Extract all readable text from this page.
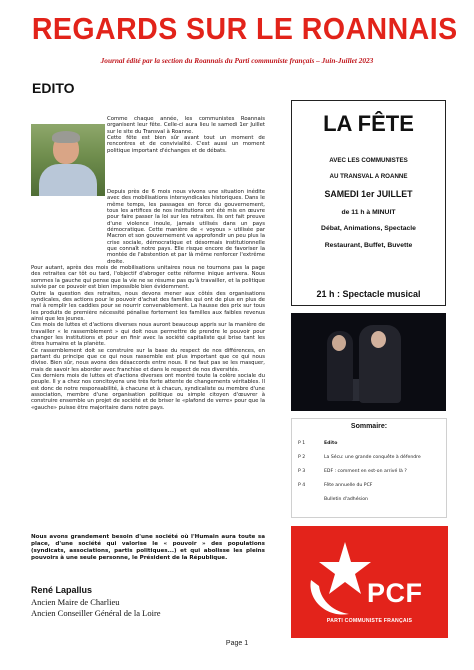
REGARDS SUR LE ROANNAIS
Journal édité par la section du Roannais du Parti communiste français – Juin-Juillet 2023
EDITO

Comme chaque année, les communistes Roannais organisent leur fête. Celle-ci aura lieu le samedi 1er Juillet sur le site du Transval à Roanne.

Cette fête est bien sûr avant tout un moment de rencontres et de convivialité. C'est aussi un moment politique important d'échanges et de débats.

Depuis près de 6 mois nous vivons une situation inédite avec des mobilisations intersyndicales historiques. Dans le même temps, les passages en force du gouvernement, tous les artifices de nos institutions ont été mis en œuvre pour faire passer la loi sur les retraites. Ils ont fait preuve d'une violence inouïe, jamais utilisés dans un pays démocratique. Cette manière de « voyous » utilisée par Macron et son gouvernement va approfondir un peu plus la crise sociale, démocratique et désormais institutionnelle que connaît notre pays. Elle risque encore de favoriser la montée de l'abstention et par là même renforcer l'extrême droite.

Pour autant, après des mois de mobilisations unitaires nous ne tournons pas la page des retraites car tôt ou tard, l'objectif d'abroger cette réforme inique arrivera. Nous sommes la gauche qui pense que la vie ne se résume pas qu'à travailler, et la politique suivie par ce pouvoir est bien impossible bien évidemment.

Outre la question des retraites, nous devons mener aux côtés des organisations syndicales, des actions pour le pouvoir d'achat des familles qui ont de plus en plus de mal à remplir les caddies pour se nourrir convenablement. La hausse des prix sur tous les produits de première nécessité pénalise fortement les familles aux faibles revenus ainsi que les jeunes.

Ces mois de luttes et d'actions diverses nous auront beaucoup appris sur la manière de travailler « le rassemblement » qui doit nous permettre de prendre le pouvoir pour changer les institutions et pour en finir avec la société capitaliste qui brise tant les êtres humains et la planète.

Ce rassemblement doit se construire sur la base du respect de nos différences, en partant du principe que ce qui nous rassemble est plus important que ce qui nous divise. Bien sûr, nous avons des désaccords entre nous. Il ne faut pas se les masquer, mais de savoir les aborder avec franchise et dans le respect de nos diversités.

Ces derniers mois de luttes et d'actions diverses ont montré toute la colère sociale du peuple. Il y a chez nos concitoyens une très forte attente de changements véritables. Il est donc de notre responsabilité, à chacune et à chacun, syndicaliste ou membre d'une association, membre d'une organisation politique ou simple citoyen d'œuvrer à construire ensemble un projet de société et de briser le «plafond de verre» pour que la «gauche» puisse être majoritaire dans notre pays.

Nous avons grandement besoin d'une société où l'Humain aura toute sa place, d'une société qui valorise le « pouvoir » des populations (syndicats, associations, partis politiques...) et qui abolisse les pleins pouvoirs à une seule personne, le Président de la République.
René Lapallus
Ancien Maire de Charlieu
Ancien Conseiller Général de la Loire
LA FÊTE
AVEC LES COMMUNISTES
AU TRANSVAL A ROANNE
SAMEDI 1er JUILLET
de 11 h à MINUIT
Débat, Animations, Spectacle
Restaurant, Buffet, Buvette
21 h : Spectacle musical
Sommaire:
P 1	Edito
P 2	La Sécu: une grande conquête à défendre
P 3	EDF : comment en est-on arrivé là ?
P 4	Fête annuelle du PCF
Bulletin d'adhésion
PCF
PARTI COMMUNISTE FRANÇAIS
Page 1
